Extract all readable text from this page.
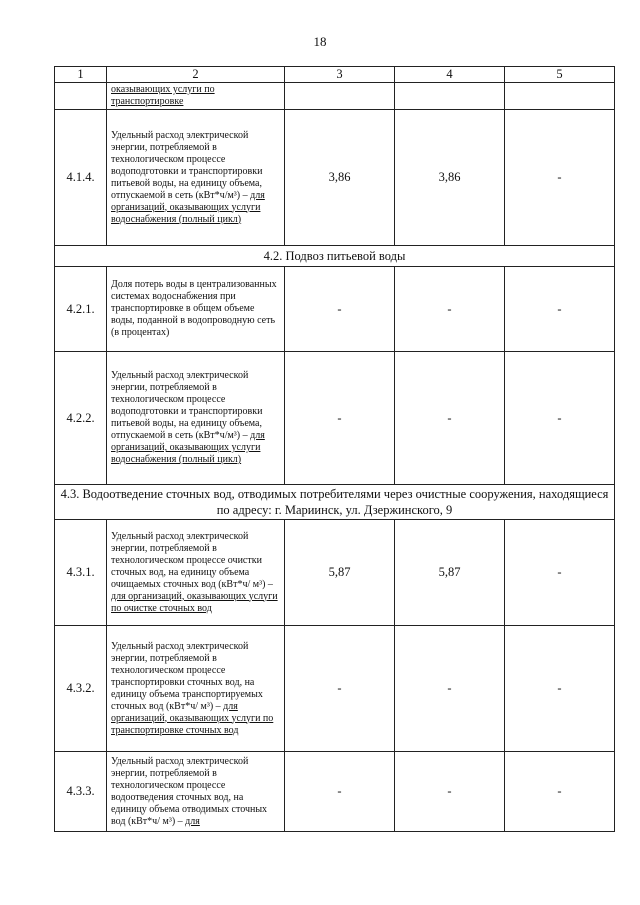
18
1	2	3	4	5
	оказывающих услуги по транспортировке			
4.1.4.	Удельный расход электрической энергии, потребляемой в технологическом процессе водоподготовки и транспортировки питьевой воды, на единицу объема, отпускаемой в сеть (кВт*ч/м³) – для организаций, оказывающих услуги водоснабжения (полный цикл)	3,86	3,86	-
4.2. Подвоз питьевой воды				
4.2.1.	Доля потерь воды в централизованных системах водоснабжения при транспортировке в общем объеме воды, поданной в водопроводную сеть (в процентах)	-	-	-
4.2.2.	Удельный расход электрической энергии, потребляемой в технологическом процессе водоподготовки и транспортировки питьевой воды, на единицу объема, отпускаемой в сеть (кВт*ч/м³) – для организаций, оказывающих услуги водоснабжения (полный цикл)	-	-	-
4.3. Водоотведение сточных вод, отводимых потребителями через очистные сооружения, находящиеся по адресу: г. Мариинск, ул. Дзержинского, 9				
4.3.1.	Удельный расход электрической энергии, потребляемой в технологическом процессе очистки сточных вод, на единицу объема очищаемых сточных вод (кВт*ч/ м³) – для организаций, оказывающих услуги по очистке сточных вод	5,87	5,87	-
4.3.2.	Удельный расход электрической энергии, потребляемой в технологическом процессе транспортировки сточных вод, на единицу объема транспортируемых сточных вод (кВт*ч/ м³) – для организаций, оказывающих услуги по транспортировке сточных вод	-	-	-
4.3.3.	Удельный расход электрической энергии, потребляемой в технологическом процессе водоотведения сточных вод, на единицу объема отводимых сточных вод (кВт*ч/ м³) – для	-	-	-
